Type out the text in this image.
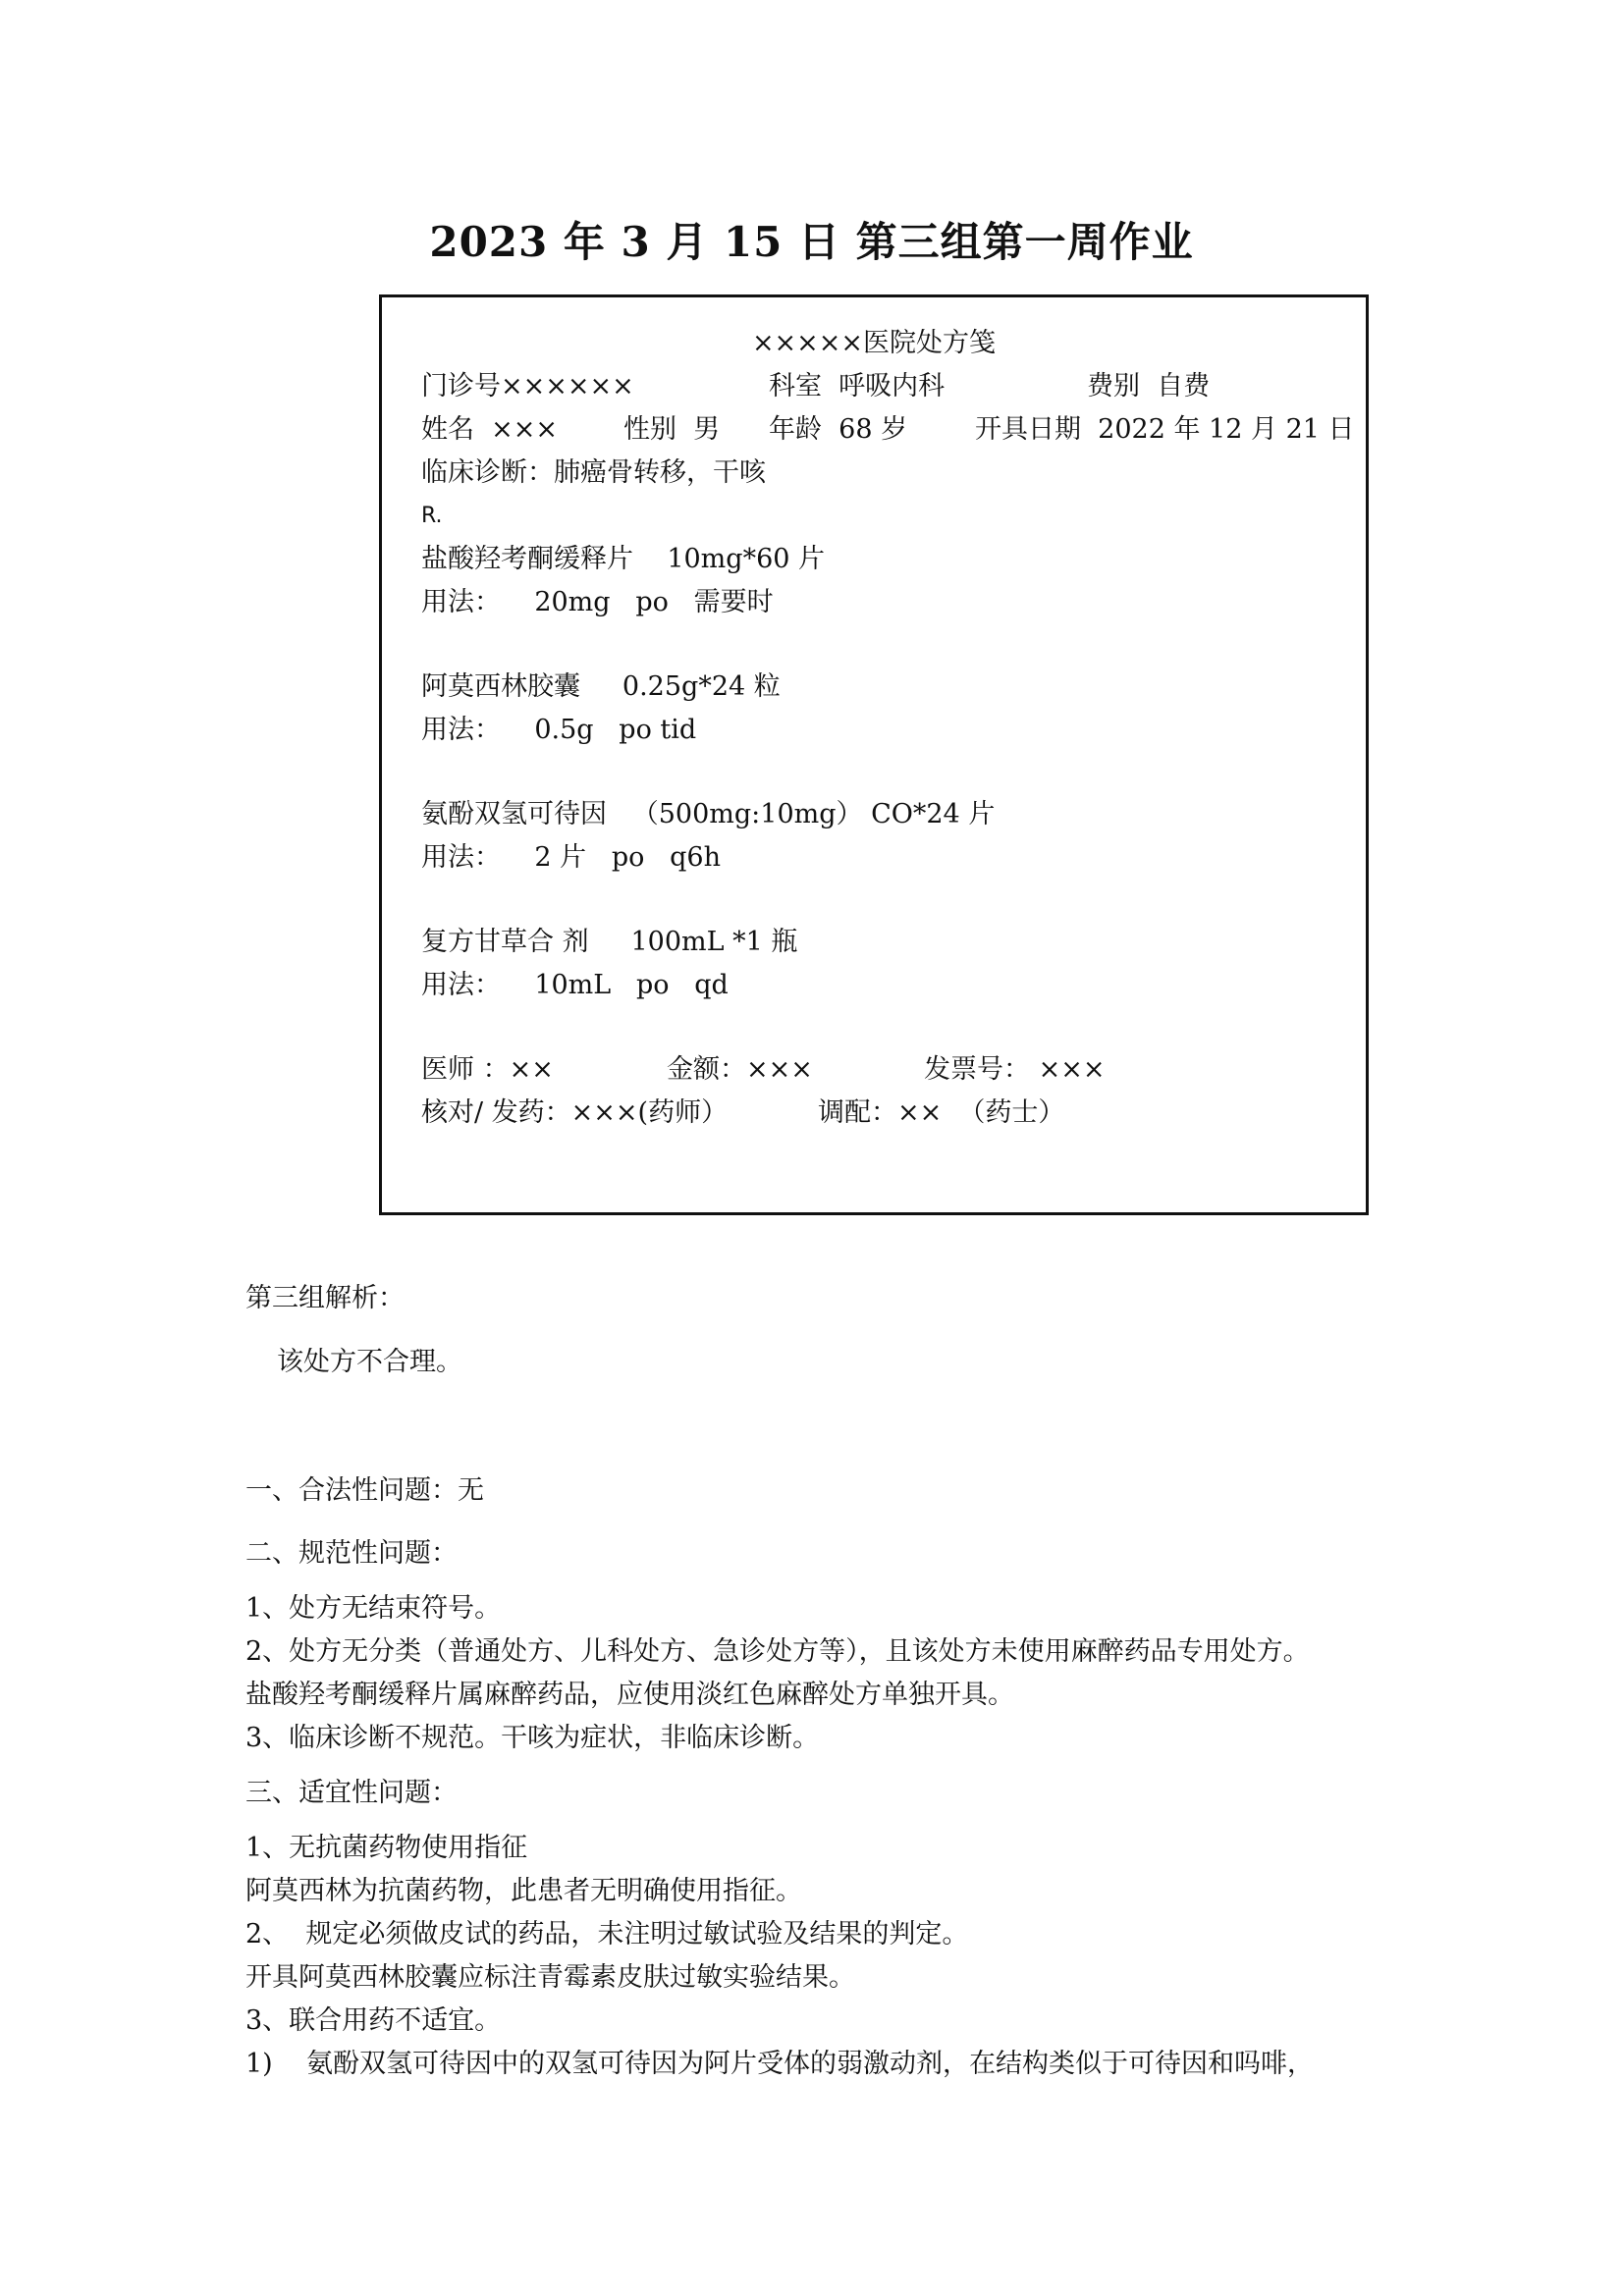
2023 年 3 月 15 日 第三组第一周作业
×××××医院处方笺
门诊号××××××	科室  呼吸内科	费别  自费
姓名  ××× 性别  男 年龄  68 岁	开具日期  2022 年 12 月 21 日
临床诊断：肺癌骨转移，干咳
R.
盐酸羟考酮缓释片    10mg*60 片
用法：    20mg   po   需要时
阿莫西林胶囊     0.25g*24 粒
用法：    0.5g   po tid
氨酚双氢可待因   （500mg:10mg） CO*24 片
用法：    2 片   po   q6h
复方甘草合 剂     100mL *1 瓶
用法：    10mL   po   qd
医师 ：××	金额：×××	发票号： ×××
核对/ 发药：×××(药师）	调配：××  （药士）
第三组解析：
该处方不合理。
一、合法性问题：无
二、规范性问题：
1、处方无结束符号。
2、处方无分类（普通处方、儿科处方、急诊处方等），且该处方未使用麻醉药品专用处方。
盐酸羟考酮缓释片属麻醉药品，应使用淡红色麻醉处方单独开具。
3、临床诊断不规范。干咳为症状，非临床诊断。
三、适宜性问题：
1、无抗菌药物使用指征
阿莫西林为抗菌药物，此患者无明确使用指征。
2、  规定必须做皮试的药品，未注明过敏试验及结果的判定。
开具阿莫西林胶囊应标注青霉素皮肤过敏实验结果。
3、联合用药不适宜。
1)    氨酚双氢可待因中的双氢可待因为阿片受体的弱激动剂，在结构类似于可待因和吗啡，
